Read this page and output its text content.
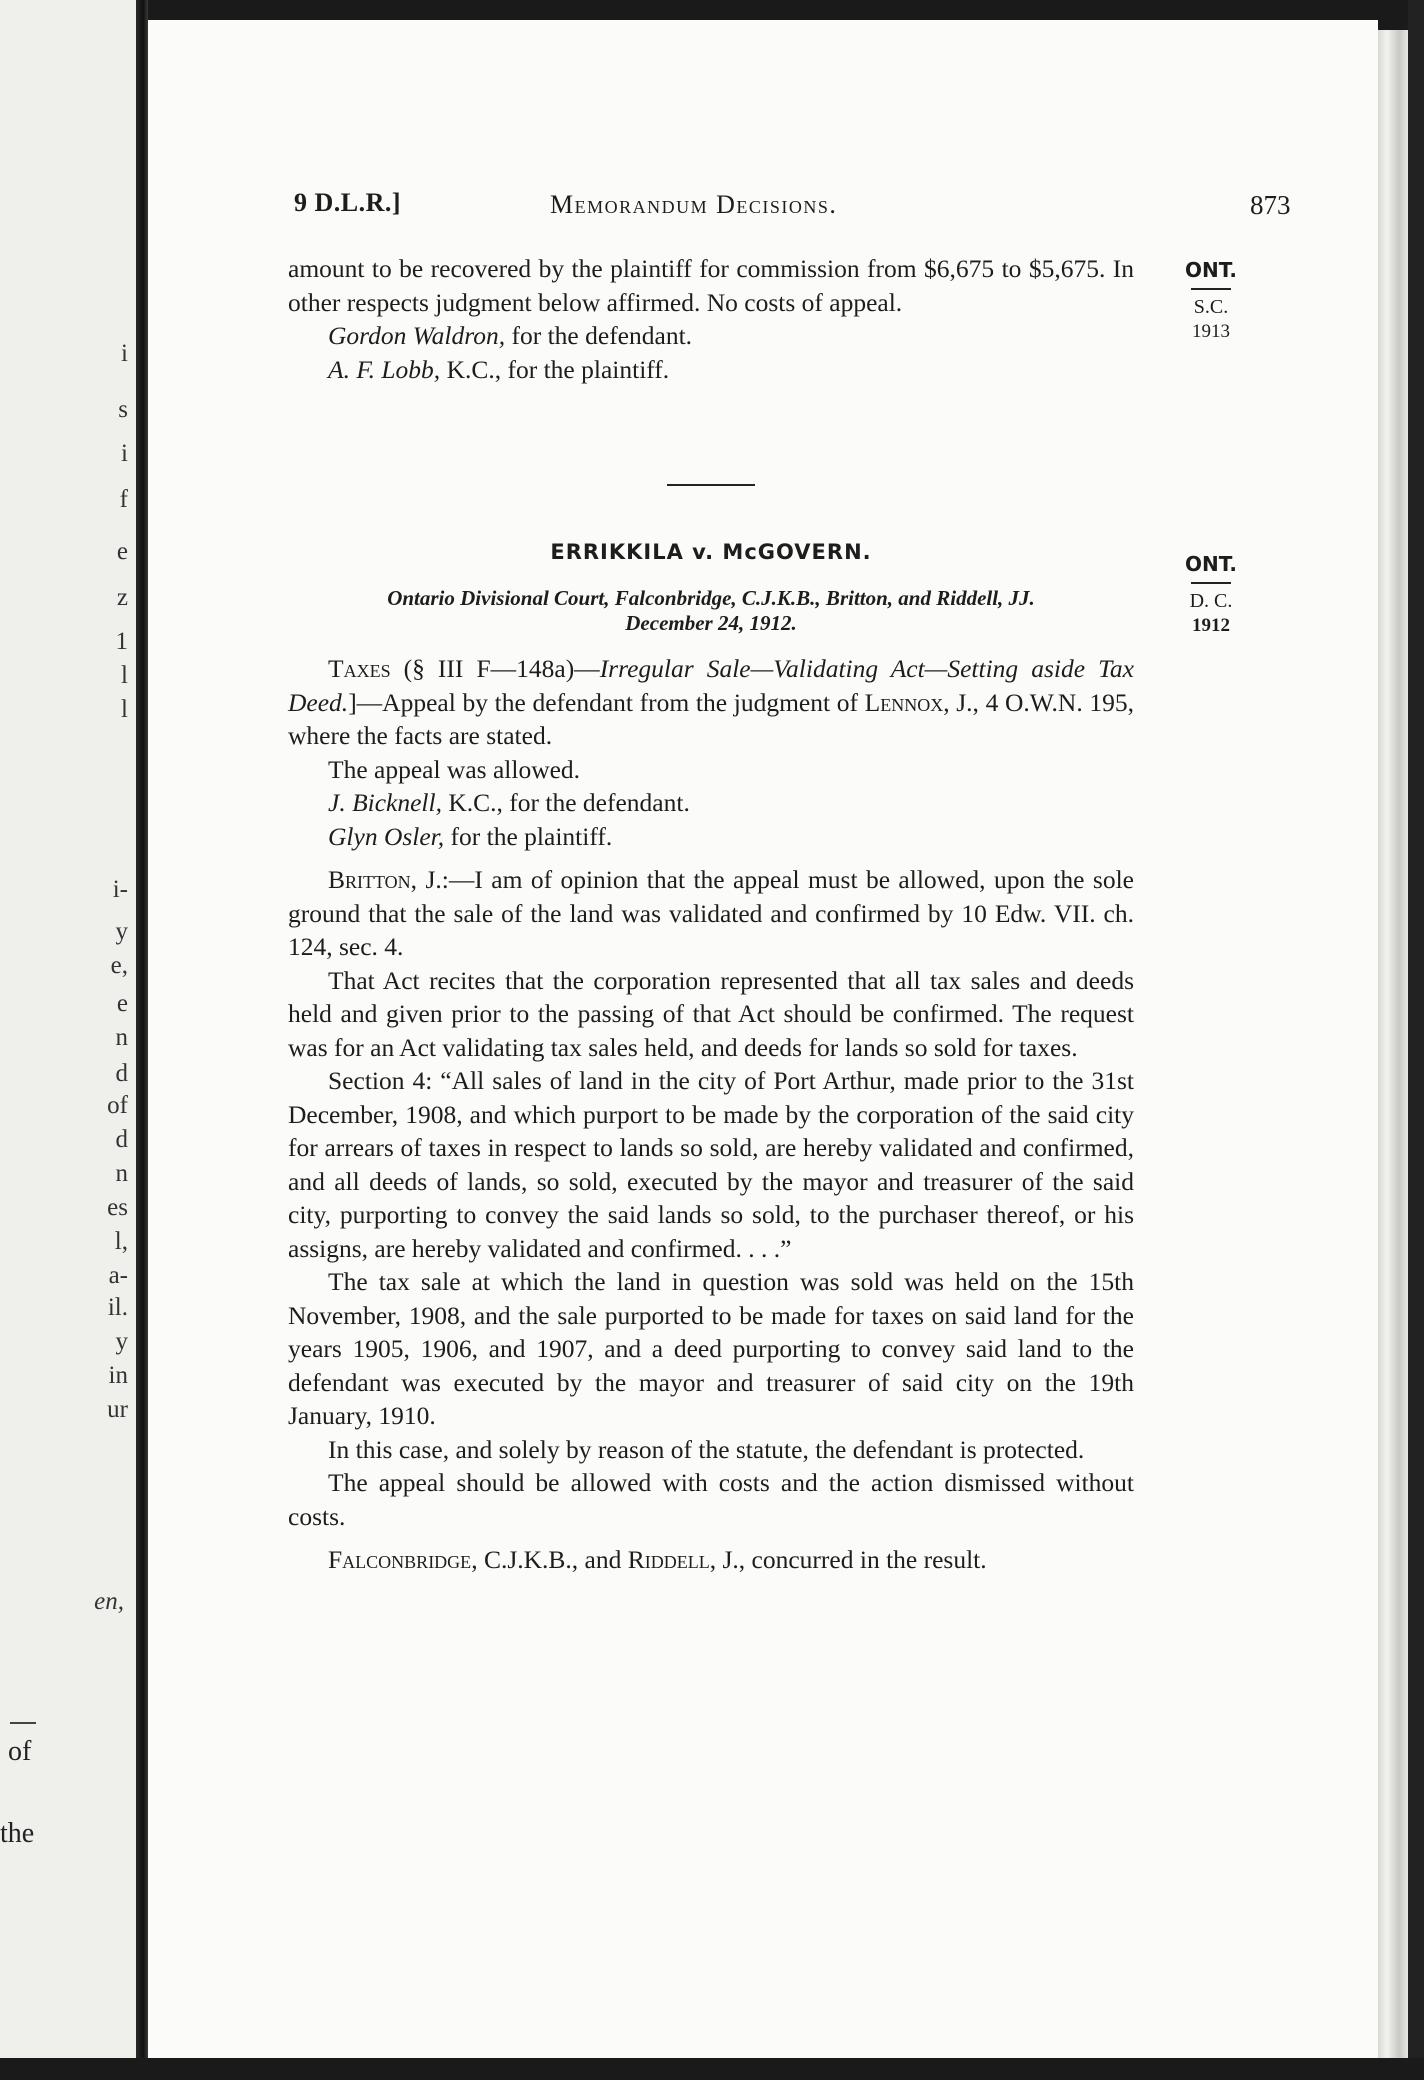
i
s
i
f
e
z
1
l
l
i-
y
e,
e
n
d
of
d
n
es
l,
a-
il.
y
in
ur
en,
of
the
9 D.L.R.]	Memorandum Decisions.	873

amount to be recovered by the plaintiff for commission from $6,675 to $5,675. In other respects judgment below affirmed. No costs of appeal.

Gordon Waldron, for the defendant.

A. F. Lobb, K.C., for the plaintiff.

ONT.
S.C.
1913
ERRIKKILA v. McGOVERN.
Ontario Divisional Court, Falconbridge, C.J.K.B., Britton, and Riddell, JJ.
December 24, 1912.
ONT.
D. C.
1912

Taxes (§ III F—148a)—Irregular Sale—Validating Act—Setting aside Tax Deed.]—Appeal by the defendant from the judgment of Lennox, J., 4 O.W.N. 195, where the facts are stated.

The appeal was allowed.

J. Bicknell, K.C., for the defendant.

Glyn Osler, for the plaintiff.

Britton, J.:—I am of opinion that the appeal must be allowed, upon the sole ground that the sale of the land was validated and confirmed by 10 Edw. VII. ch. 124, sec. 4.

That Act recites that the corporation represented that all tax sales and deeds held and given prior to the passing of that Act should be confirmed. The request was for an Act validating tax sales held, and deeds for lands so sold for taxes.

Section 4: “All sales of land in the city of Port Arthur, made prior to the 31st December, 1908, and which purport to be made by the corporation of the said city for arrears of taxes in respect to lands so sold, are hereby validated and confirmed, and all deeds of lands, so sold, executed by the mayor and treasurer of the said city, purporting to convey the said lands so sold, to the purchaser thereof, or his assigns, are hereby validated and confirmed. . . .”

The tax sale at which the land in question was sold was held on the 15th November, 1908, and the sale purported to be made for taxes on said land for the years 1905, 1906, and 1907, and a deed purporting to convey said land to the defendant was executed by the mayor and treasurer of said city on the 19th January, 1910.

In this case, and solely by reason of the statute, the defendant is protected.

The appeal should be allowed with costs and the action dismissed without costs.

Falconbridge, C.J.K.B., and Riddell, J., concurred in the result.
